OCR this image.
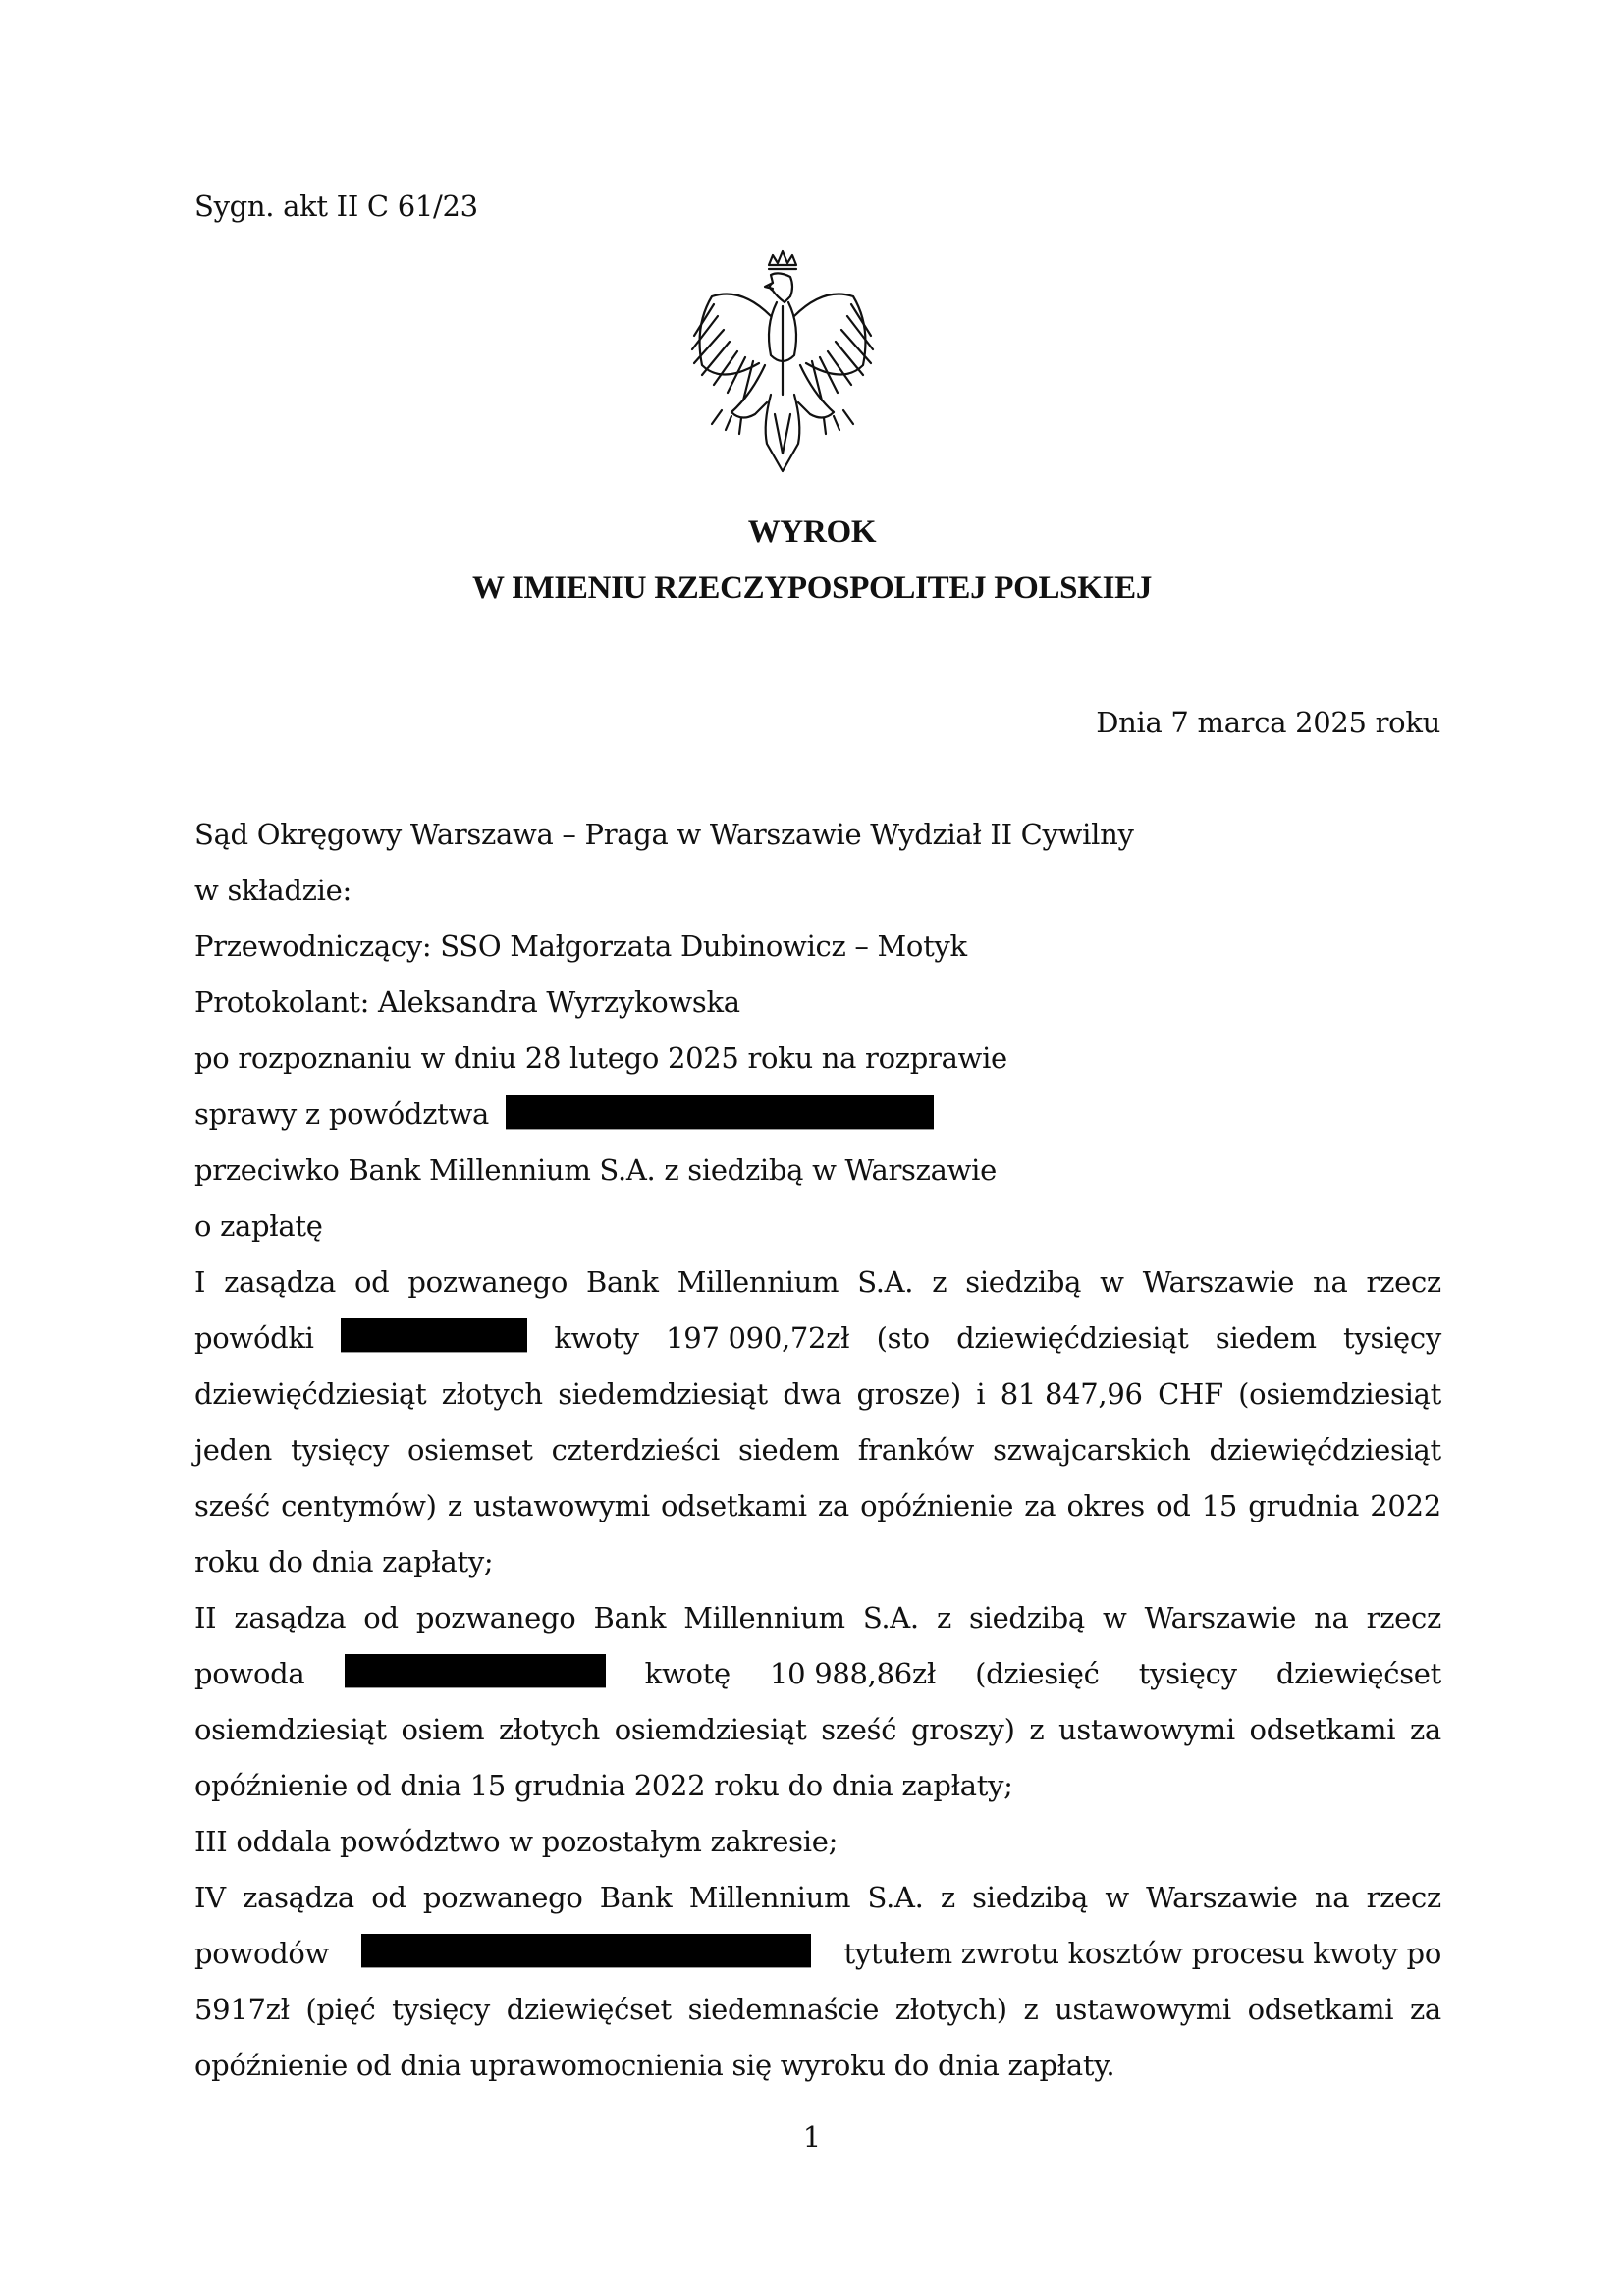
Sygn. akt II C 61/23
WYROK
W IMIENIU RZECZYPOSPOLITEJ POLSKIEJ
Dnia 7 marca 2025 roku
Sąd Okręgowy Warszawa – Praga w Warszawie Wydział II Cywilny
w składzie:
Przewodniczący: SSO Małgorzata Dubinowicz – Motyk
Protokolant: Aleksandra Wyrzykowska
po rozpoznaniu w dniu 28 lutego 2025 roku na rozprawie
sprawy z powództwa
przeciwko Bank Millennium S.A. z siedzibą w Warszawie
o zapłatę
I zasądza od pozwanego Bank Millennium S.A. z siedzibą w Warszawie na rzecz
powódki	kwoty 197 090,72zł (sto dziewięćdziesiąt siedem tysięcy
dziewięćdziesiąt złotych siedemdziesiąt dwa grosze) i 81 847,96 CHF (osiemdziesiąt
jeden tysięcy osiemset czterdzieści siedem franków szwajcarskich dziewięćdziesiąt
sześć centymów) z ustawowymi odsetkami za opóźnienie za okres od 15 grudnia 2022
roku do dnia zapłaty;
II zasądza od pozwanego Bank Millennium S.A. z siedzibą w Warszawie na rzecz
powoda	kwotę 10 988,86zł (dziesięć tysięcy dziewięćset
osiemdziesiąt osiem złotych osiemdziesiąt sześć groszy) z ustawowymi odsetkami za
opóźnienie od dnia 15 grudnia 2022 roku do dnia zapłaty;
III oddala powództwo w pozostałym zakresie;
IV zasądza od pozwanego Bank Millennium S.A. z siedzibą w Warszawie na rzecz
powodów	tytułem zwrotu kosztów procesu kwoty po
5917zł (pięć tysięcy dziewięćset siedemnaście złotych) z ustawowymi odsetkami za
opóźnienie od dnia uprawomocnienia się wyroku do dnia zapłaty.
1
